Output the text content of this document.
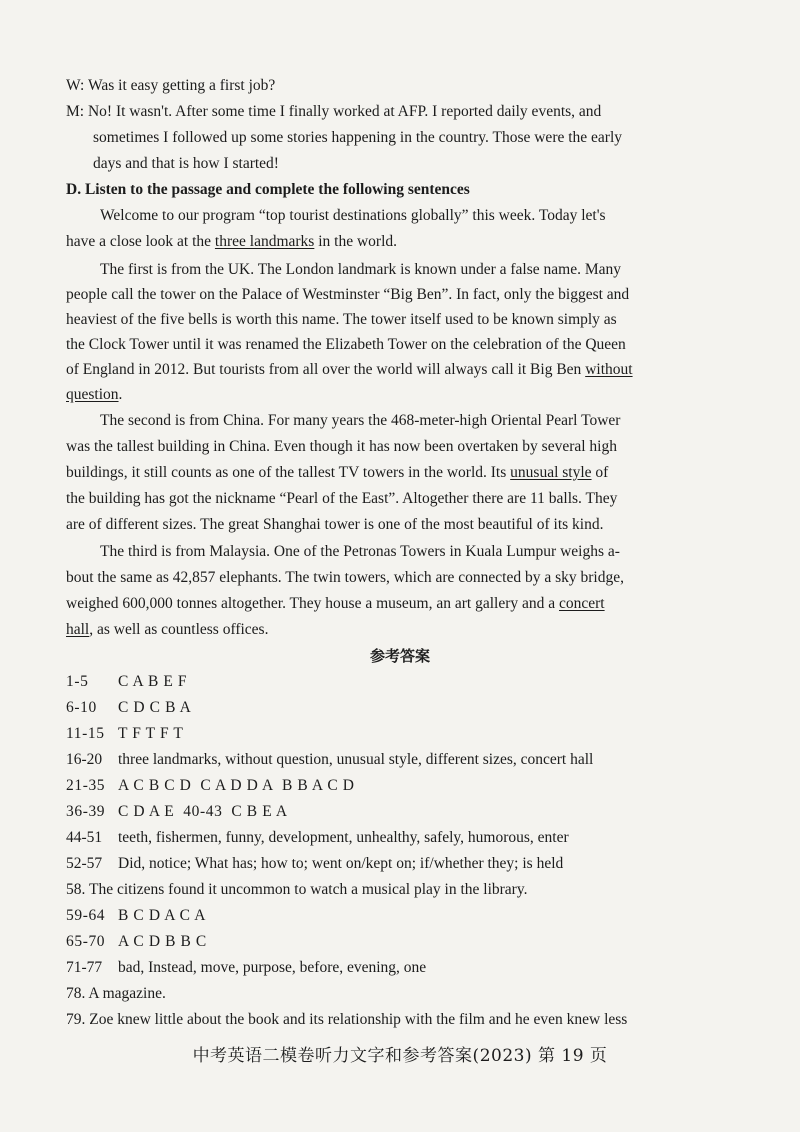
W: Was it easy getting a first job?
M: No! It wasn't. After some time I finally worked at AFP. I reported daily events, and
sometimes I followed up some stories happening in the country. Those were the early
days and that is how I started!
D. Listen to the passage and complete the following sentences
Welcome to our program “top tourist destinations globally” this week. Today let's
have a close look at the three landmarks in the world.
The first is from the UK. The London landmark is known under a false name. Many
people call the tower on the Palace of Westminster “Big Ben”. In fact, only the biggest and
heaviest of the five bells is worth this name. The tower itself used to be known simply as
the Clock Tower until it was renamed the Elizabeth Tower on the celebration of the Queen
of England in 2012. But tourists from all over the world will always call it Big Ben without
question.
The second is from China. For many years the 468-meter-high Oriental Pearl Tower
was the tallest building in China. Even though it has now been overtaken by several high
buildings, it still counts as one of the tallest TV towers in the world. Its unusual style of
the building has got the nickname “Pearl of the East”. Altogether there are 11 balls. They
are of different sizes. The great Shanghai tower is one of the most beautiful of its kind.
The third is from Malaysia. One of the Petronas Towers in Kuala Lumpur weighs a-
bout the same as 42,857 elephants. The twin towers, which are connected by a sky bridge,
weighed 600,000 tonnes altogether. They house a museum, an art gallery and a concert
hall, as well as countless offices.
参考答案
1-5 C A B E F
6-10 C D C B A
11-15 T F T F T
16-20 three landmarks, without question, unusual style, different sizes, concert hall
21-35 A C B C D  C A D D A  B B A C D
36-39 C D A E  40-43  C B E A
44-51 teeth, fishermen, funny, development, unhealthy, safely, humorous, enter
52-57 Did, notice; What has; how to; went on/kept on; if/whether they; is held
58. The citizens found it uncommon to watch a musical play in the library.
59-64 B C D A C A
65-70 A C D B B C
71-77 bad, Instead, move, purpose, before, evening, one
78. A magazine.
79. Zoe knew little about the book and its relationship with the film and he even knew less
中考英语二模卷听力文字和参考答案(2023) 第 19 页
